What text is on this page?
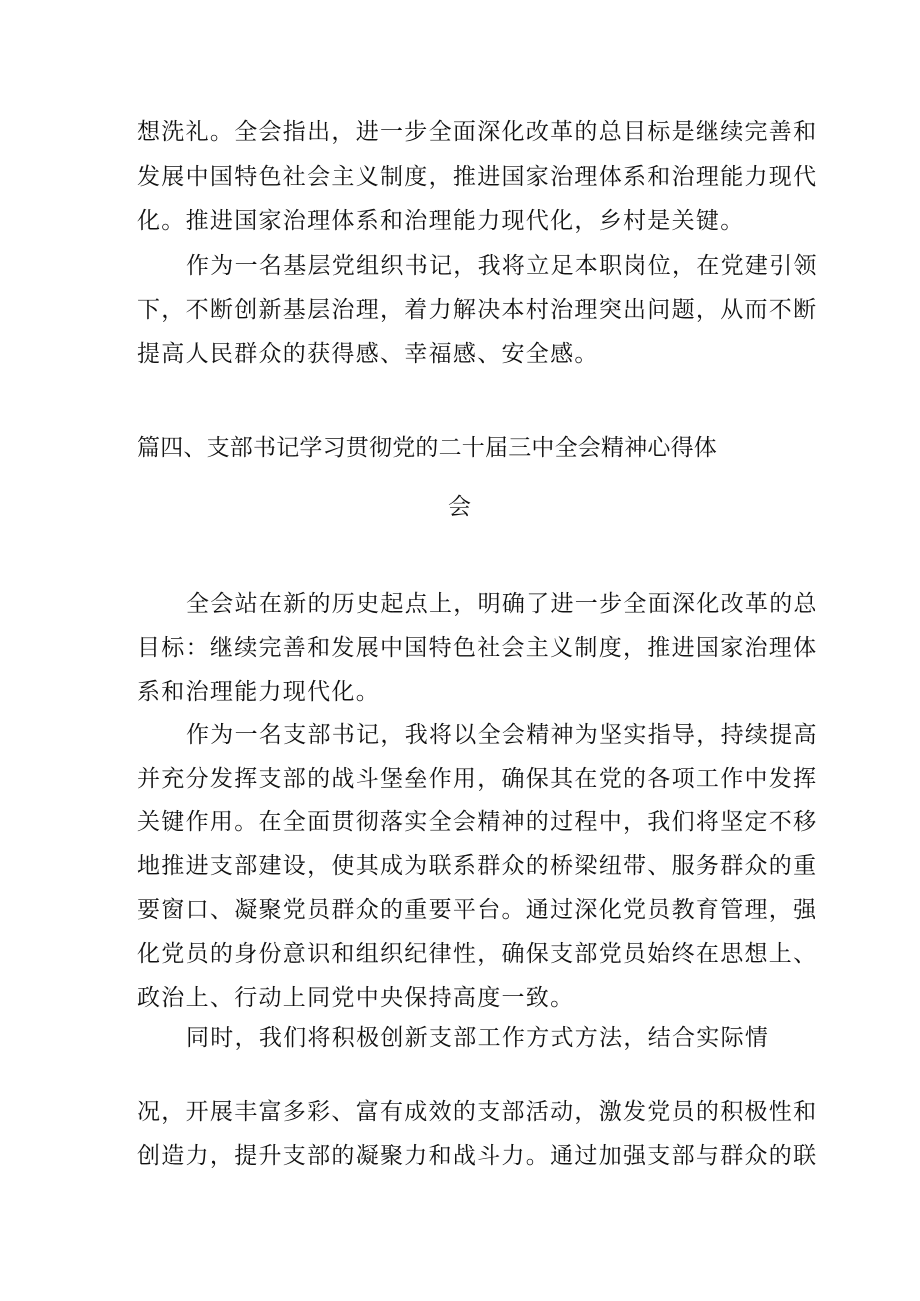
想洗礼。全会指出，进一步全面深化改革的总目标是继续完善和
发展中国特色社会主义制度，推进国家治理体系和治理能力现代
化。推进国家治理体系和治理能力现代化，乡村是关键。
作为一名基层党组织书记，我将立足本职岗位，在党建引领
下，不断创新基层治理，着力解决本村治理突出问题，从而不断
提高人民群众的获得感、幸福感、安全感。
篇四、支部书记学习贯彻党的二十届三中全会精神心得体
会
全会站在新的历史起点上，明确了进一步全面深化改革的总
目标：继续完善和发展中国特色社会主义制度，推进国家治理体
系和治理能力现代化。
作为一名支部书记，我将以全会精神为坚实指导，持续提高
并充分发挥支部的战斗堡垒作用，确保其在党的各项工作中发挥
关键作用。在全面贯彻落实全会精神的过程中，我们将坚定不移
地推进支部建设，使其成为联系群众的桥梁纽带、服务群众的重
要窗口、凝聚党员群众的重要平台。通过深化党员教育管理，强
化党员的身份意识和组织纪律性，确保支部党员始终在思想上、
政治上、行动上同党中央保持高度一致。
同时，我们将积极创新支部工作方式方法，结合实际情
况，开展丰富多彩、富有成效的支部活动，激发党员的积极性和
创造力，提升支部的凝聚力和战斗力。通过加强支部与群众的联
